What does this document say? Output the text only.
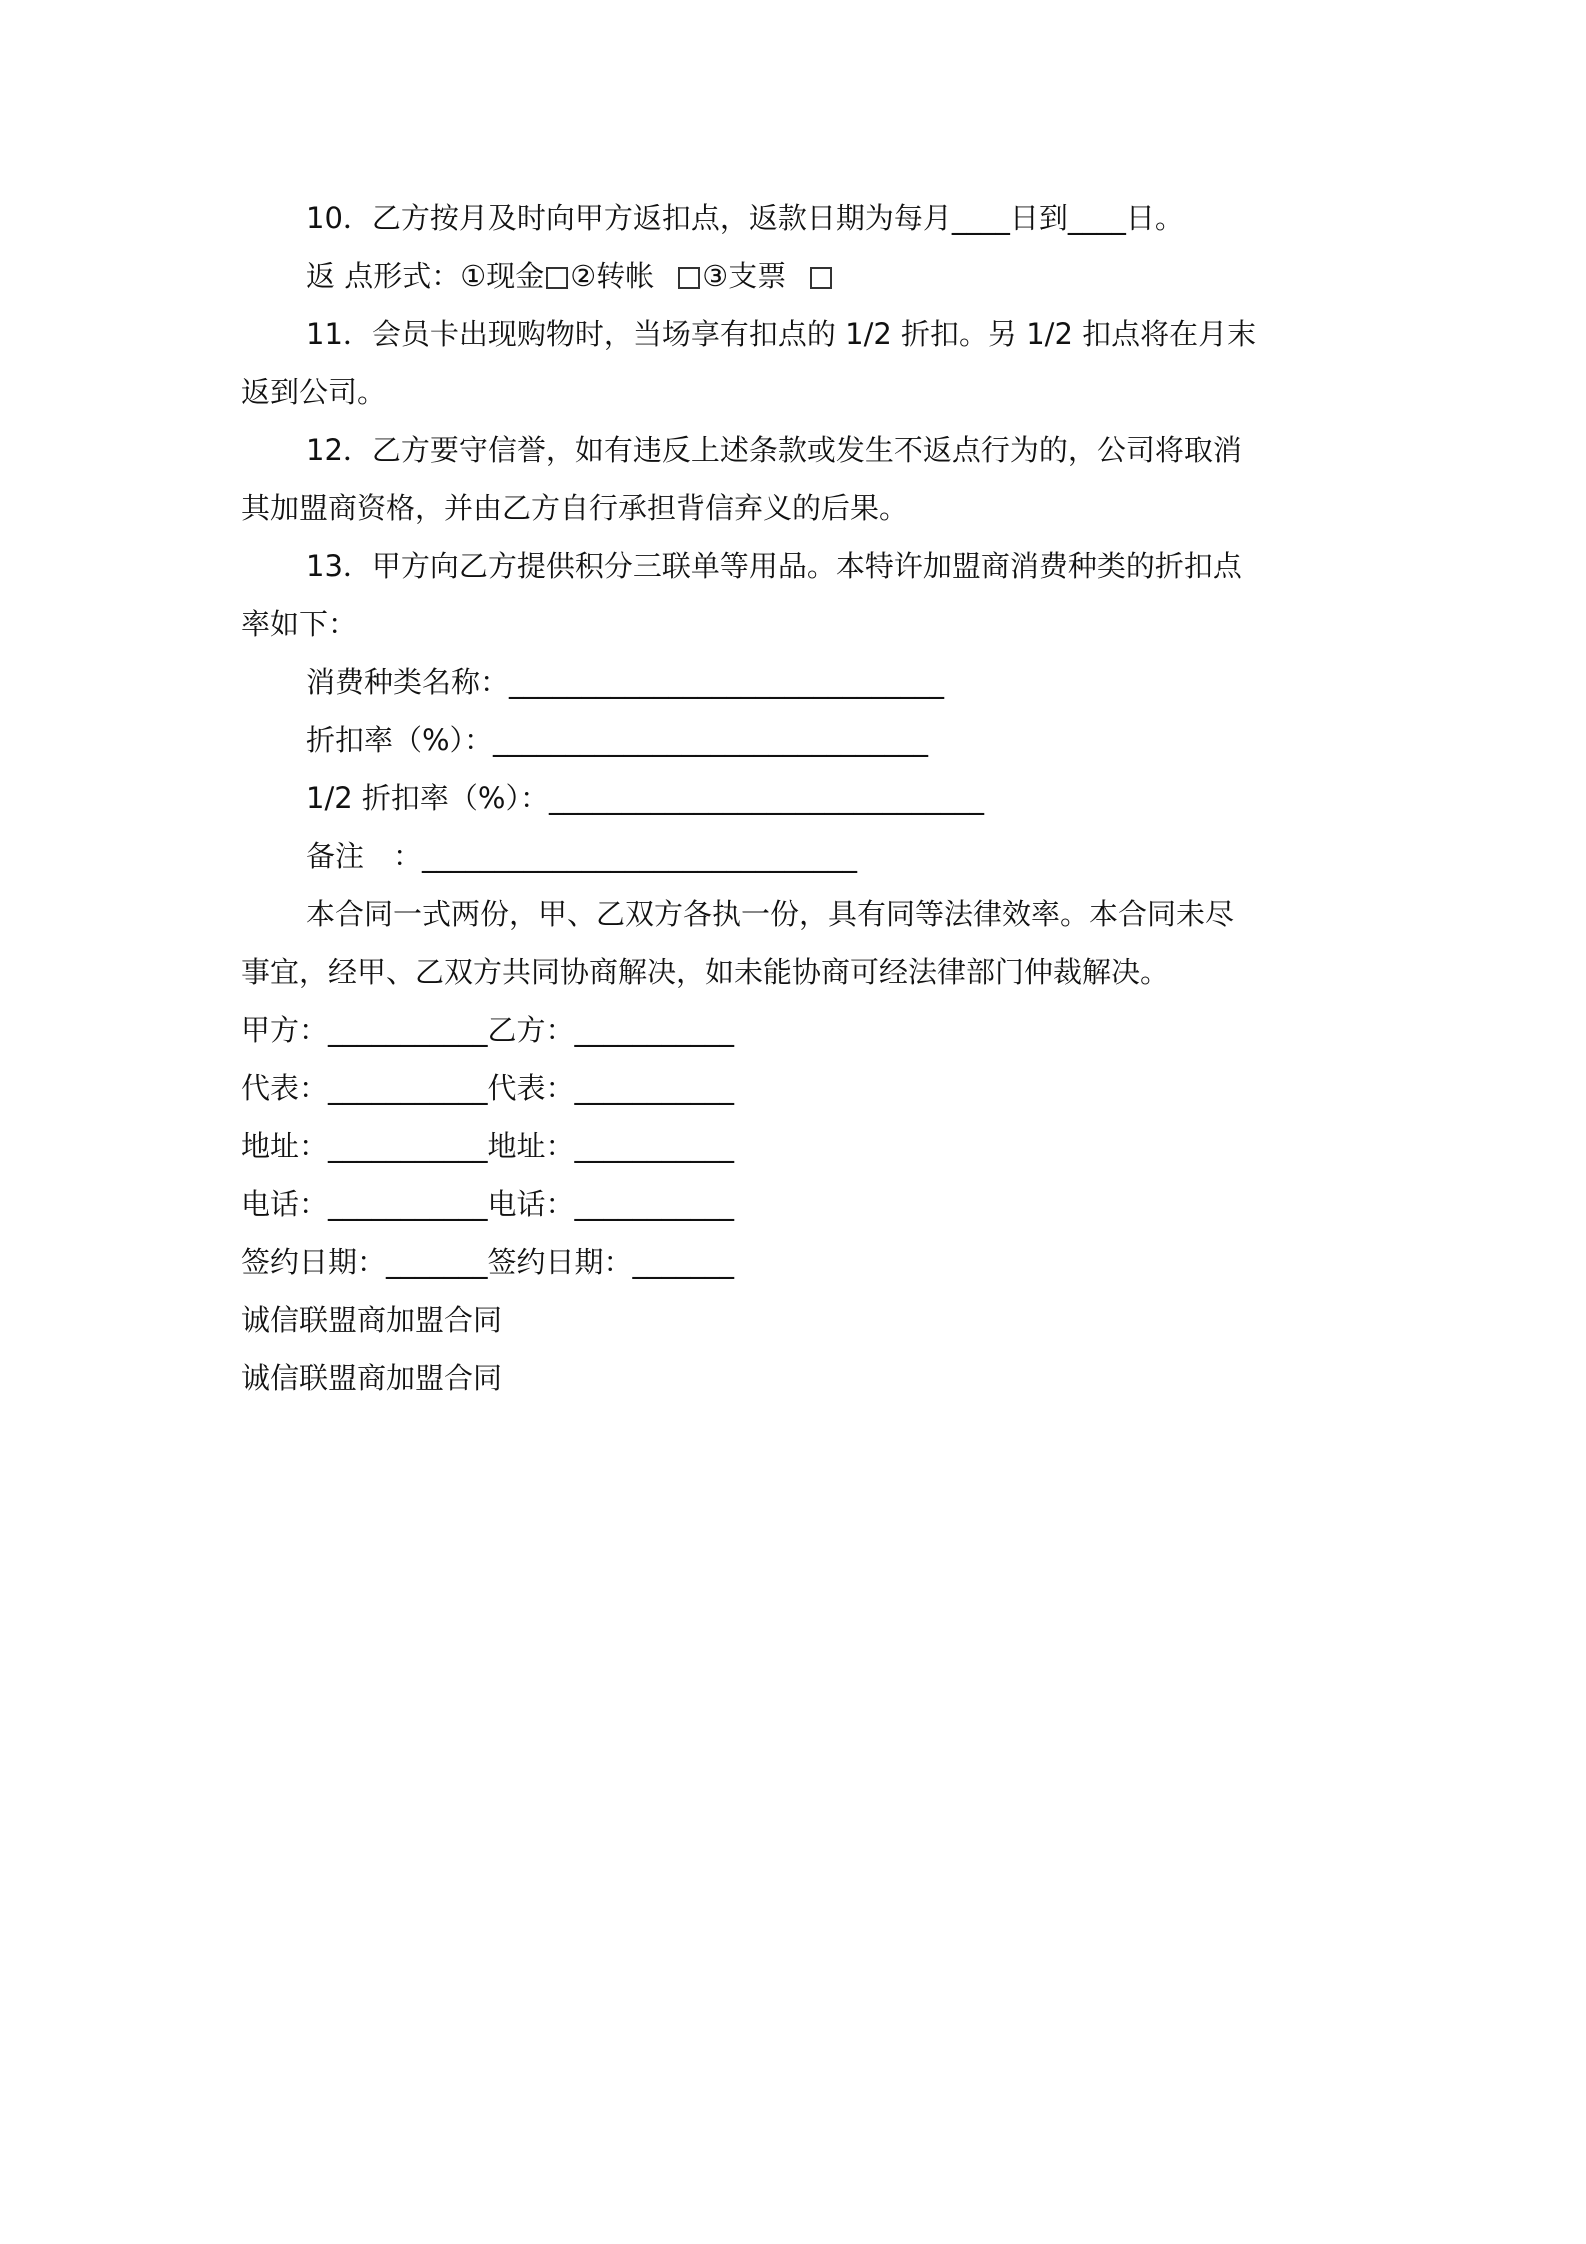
10．乙方按月及时向甲方返扣点，返款日期为每月____日到____日。
返 点形式：①现金 ②转帐 ③支票
11．会员卡出现购物时，当场享有扣点的 1/2 折扣。另 1/2 扣点将在月末
返到公司。
12．乙方要守信誉，如有违反上述条款或发生不返点行为的，公司将取消
其加盟商资格，并由乙方自行承担背信弃义的后果。
13．甲方向乙方提供积分三联单等用品。本特许加盟商消费种类的折扣点
率如下：
消费种类名称：______________________________
折扣率（%）：______________________________
1/2 折扣率（%）：______________________________
备注　：______________________________
本合同一式两份，甲、乙双方各执一份，具有同等法律效率。本合同未尽
事宜，经甲、乙双方共同协商解决，如未能协商可经法律部门仲裁解决。
甲方：___________乙方：___________
代表：___________代表：___________
地址：___________地址：___________
电话：___________电话：___________
签约日期：_______签约日期：_______
诚信联盟商加盟合同
诚信联盟商加盟合同
